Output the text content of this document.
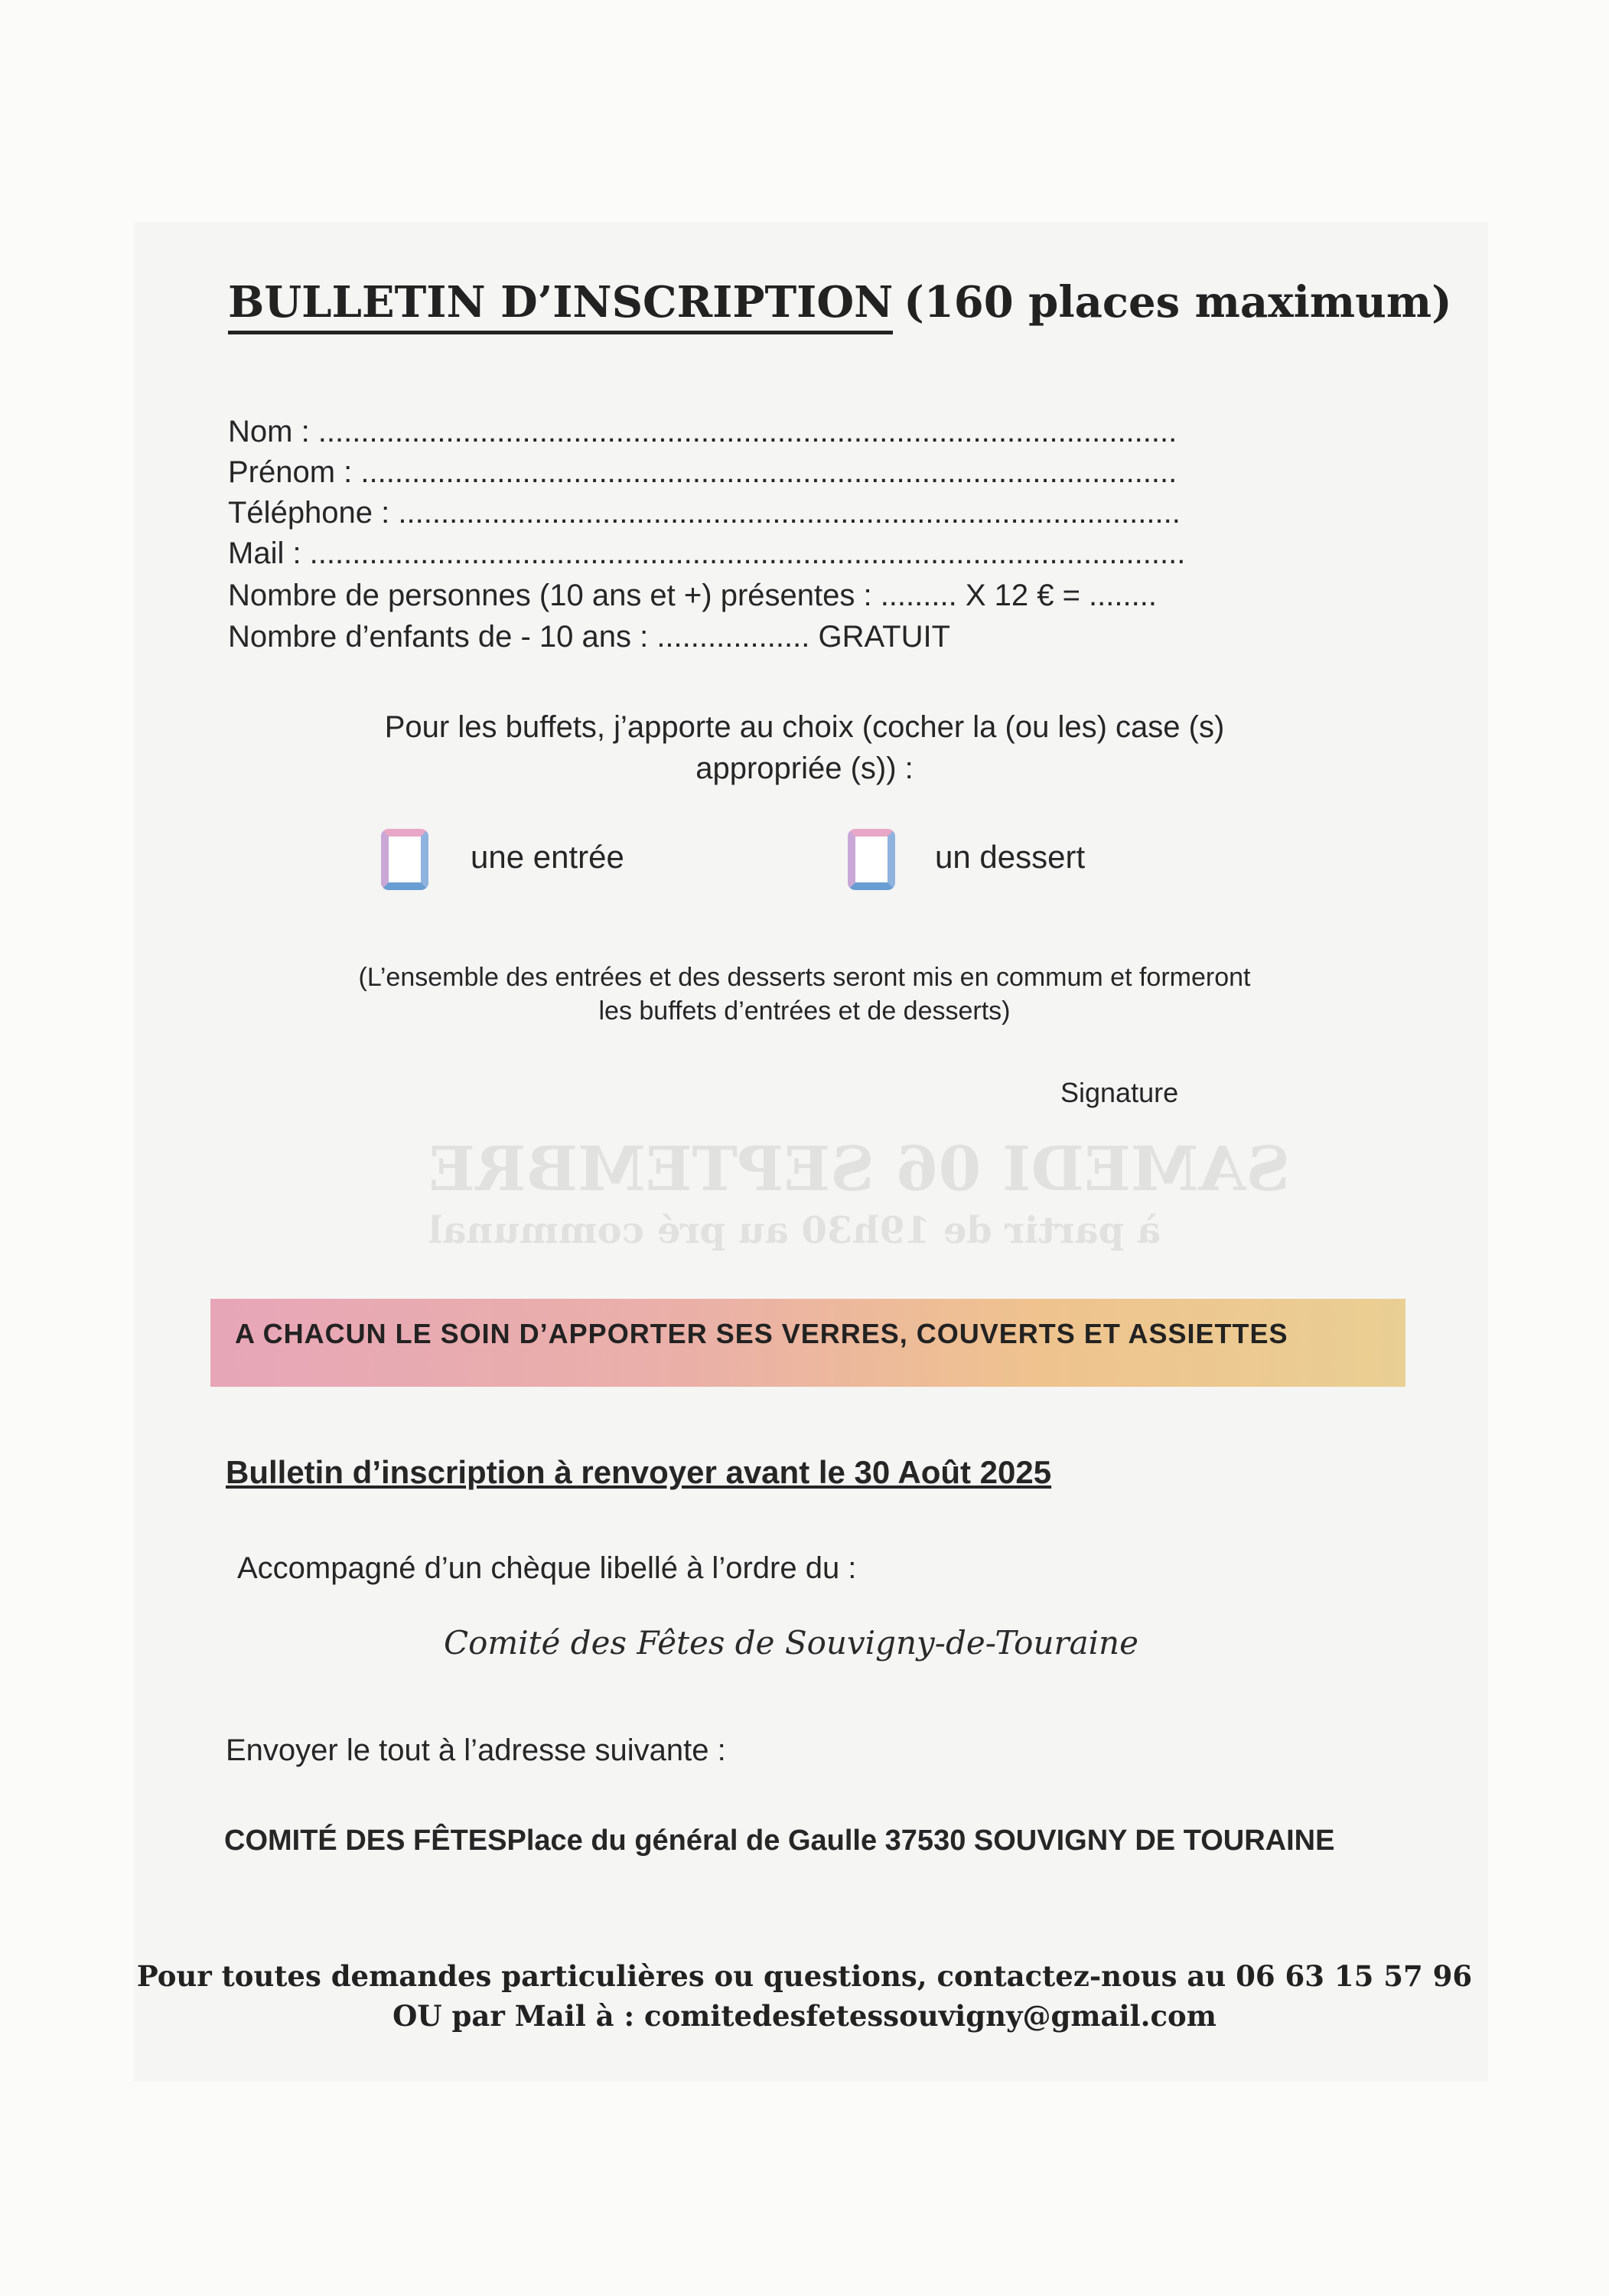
SAMEDI 06 SEPTEMBRE
à partir de 19h30 au pré communal
BULLETIN D’INSCRIPTION (160 places maximum)
Nom : .....................................................................................................
Prénom : ................................................................................................
Téléphone : ............................................................................................
Mail : .......................................................................................................
Nombre de personnes (10 ans et +) présentes : ......... X 12 € = ........
Nombre d’enfants de - 10 ans : .................. GRATUIT
Pour les buffets, j’apporte au choix (cocher la (ou les) case (s)
appropriée (s)) :
une entrée	un dessert
(L’ensemble des entrées et des desserts seront mis en commum et formeront
les buffets d’entrées et de desserts)
Signature
A CHACUN LE SOIN D’APPORTER SES VERRES, COUVERTS ET ASSIETTES
Bulletin d’inscription à renvoyer avant le 30 Août 2025
Accompagné d’un chèque libellé à l’ordre du :
Comité des Fêtes de Souvigny-de-Touraine
Envoyer le tout à l’adresse suivante :
COMITÉ DES FÊTESPlace du général de Gaulle 37530 SOUVIGNY DE TOURAINE
Pour toutes demandes particulières ou questions, contactez-nous au 06 63 15 57 96
OU par Mail à : comitedesfetessouvigny@gmail.com
